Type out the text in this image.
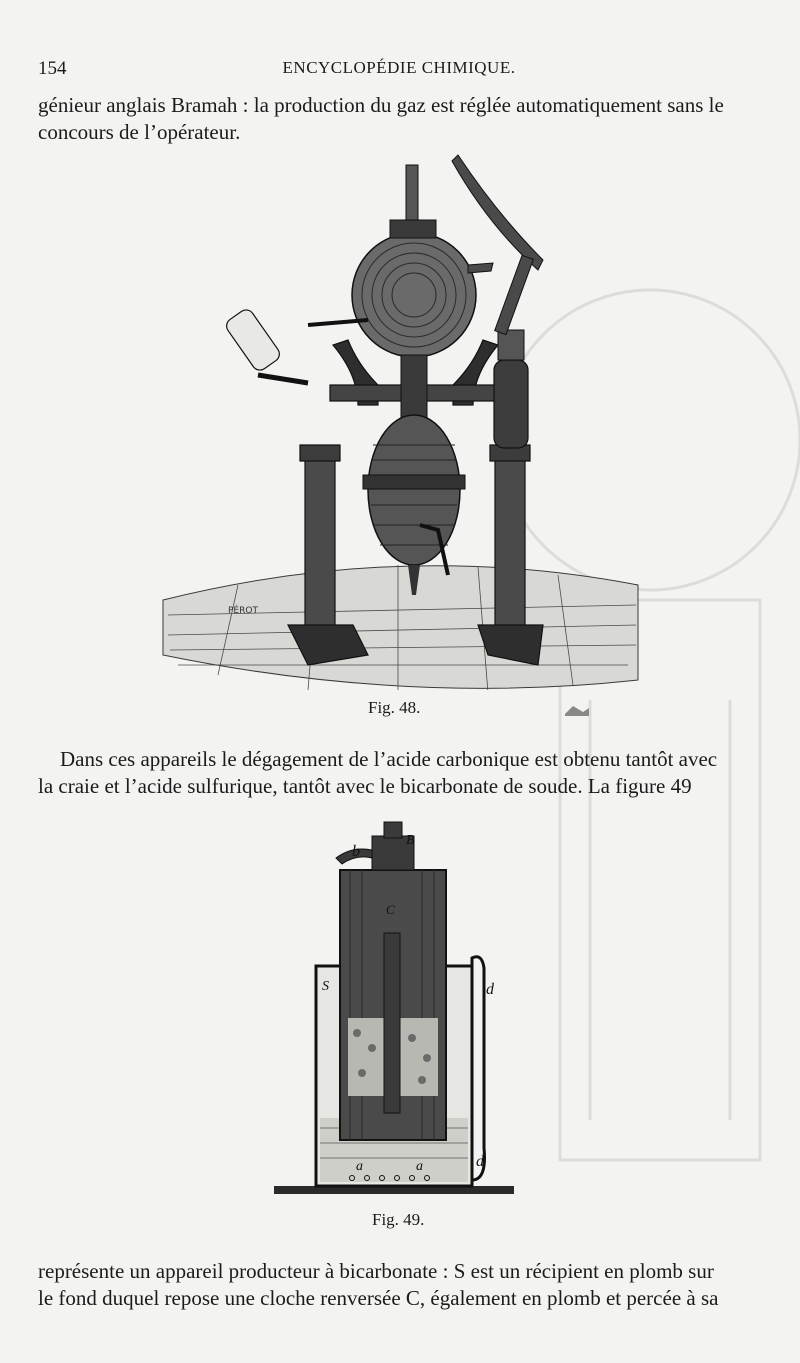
154	ENCYCLOPÉDIE CHIMIQUE.
génieur anglais Bramah : la production du gaz est réglée automatiquement sans le
concours de l’opérateur.
PÉROT
Fig. 48.
Dans ces appareils le dégagement de l’acide carbonique est obtenu tantôt avec
la craie et l’acide sulfurique, tantôt avec le bicarbonate de soude. La figure 49
b
B
C
S	d
d
a	a
Fig. 49.
représente un appareil producteur à bicarbonate : S est un récipient en plomb sur
le fond duquel repose une cloche renversée C, également en plomb et percée à sa
